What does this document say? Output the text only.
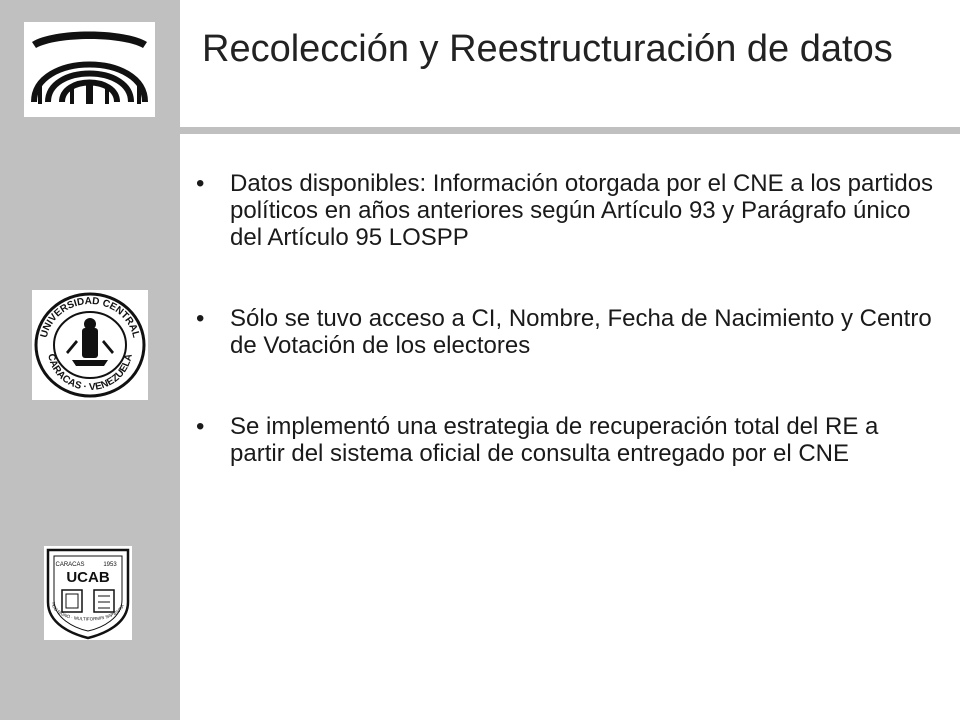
UNIVERSIDAD CENTRAL
CARACAS · VENEZUELA
UCAB
CARACAS	1953
HOC SIGNO · MULTIFORMIS SAPIENTIA
Recolección y Reestructuración de datos
• Datos disponibles: Información otorgada por el CNE a los partidos políticos en años anteriores según Artículo 93 y Parágrafo único del Artículo 95 LOSPP
• Sólo se tuvo acceso a CI, Nombre, Fecha de Nacimiento y Centro de Votación de los electores
• Se implementó una estrategia de recuperación total del RE a partir del sistema oficial de consulta entregado por el CNE
